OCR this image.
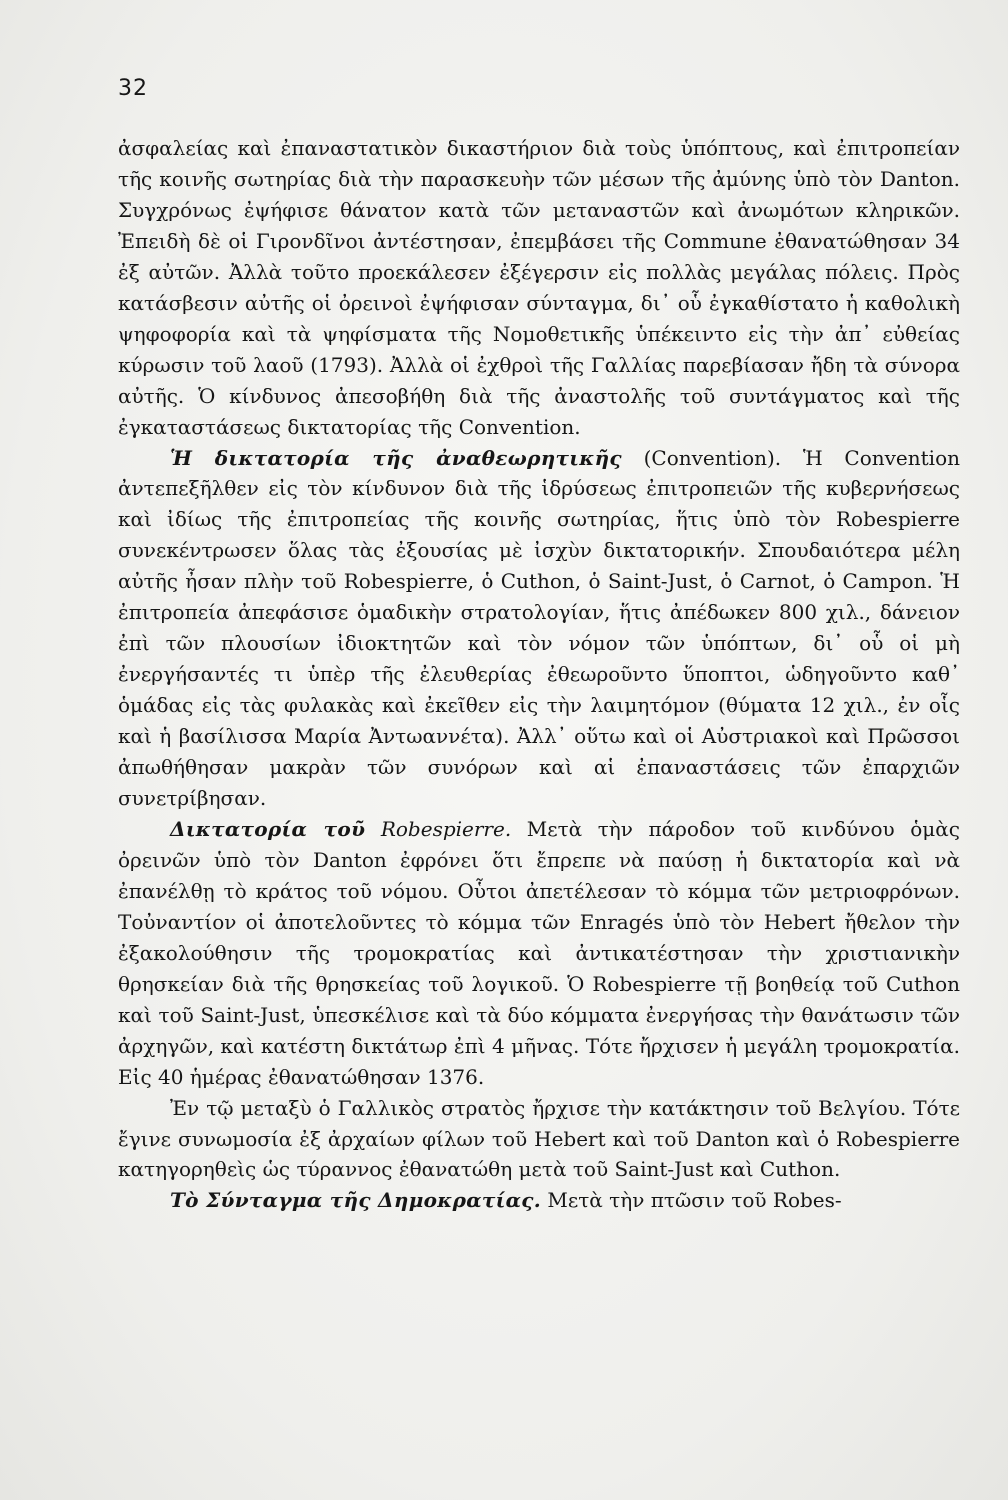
32

ἀσφαλείας καὶ ἐπαναστατικὸν δικαστήριον διὰ τοὺς ὑπόπτους, καὶ ἐπιτροπείαν τῆς κοινῆς σωτηρίας διὰ τὴν παρασκευὴν τῶν μέσων τῆς ἀμύνης ὑπὸ τὸν Danton. Συγχρόνως ἐψήφισε θάνατον κατὰ τῶν μεταναστῶν καὶ ἀνωμότων κληρικῶν. Ἐπειδὴ δὲ οἱ Γιρονδῖνοι ἀντέστησαν, ἐπεμβάσει τῆς Commune ἐθανατώθησαν 34 ἐξ αὐτῶν. Ἀλλὰ τοῦτο προεκάλεσεν ἐξέγερσιν εἰς πολλὰς μεγάλας πόλεις. Πρὸς κατάσβεσιν αὐτῆς οἱ ὀρεινοὶ ἐψήφισαν σύνταγμα, δι᾽ οὗ ἐγκαθίστατο ἡ καθολικὴ ψηφοφορία καὶ τὰ ψηφίσματα τῆς Νομοθετικῆς ὑπέκειντο εἰς τὴν ἀπ᾽ εὐθείας κύρωσιν τοῦ λαοῦ (1793). Ἀλλὰ οἱ ἐχθροὶ τῆς Γαλλίας παρεβίασαν ἤδη τὰ σύνορα αὐτῆς. Ὁ κίνδυνος ἀπεσοβήθη διὰ τῆς ἀναστολῆς τοῦ συντάγματος καὶ τῆς ἐγκαταστάσεως δικτατορίας τῆς Convention.

Ἡ δικτατορία τῆς ἀναθεωρητικῆς (Convention). Ἡ Convention ἀντεπεξῆλθεν εἰς τὸν κίνδυνον διὰ τῆς ἱδρύσεως ἐπιτροπειῶν τῆς κυβερνήσεως καὶ ἰδίως τῆς ἐπιτροπείας τῆς κοινῆς σωτηρίας, ἥτις ὑπὸ τὸν Robespierre συνεκέντρωσεν ὅλας τὰς ἐξουσίας μὲ ἰσχὺν δικτατορικήν. Σπουδαιότερα μέλη αὐτῆς ἦσαν πλὴν τοῦ Robespierre, ὁ Cuthon, ὁ Saint-Just, ὁ Carnot, ὁ Campon. Ἡ ἐπιτροπεία ἀπεφάσισε ὁμαδικὴν στρατολογίαν, ἥτις ἀπέδωκεν 800 χιλ., δάνειον ἐπὶ τῶν πλουσίων ἰδιοκτητῶν καὶ τὸν νόμον τῶν ὑπόπτων, δι᾽ οὗ οἱ μὴ ἐνεργήσαντές τι ὑπὲρ τῆς ἐλευθερίας ἐθεωροῦντο ὕποπτοι, ὡδηγοῦντο καθ᾽ ὁμάδας εἰς τὰς φυλακὰς καὶ ἐκεῖθεν εἰς τὴν λαιμητόμον (θύματα 12 χιλ., ἐν οἷς καὶ ἡ βασίλισσα Μαρία Ἀντωαννέτα). Ἀλλ᾽ οὕτω καὶ οἱ Αὐστριακοὶ καὶ Πρῶσσοι ἀπωθήθησαν μακρὰν τῶν συνόρων καὶ αἱ ἐπαναστάσεις τῶν ἐπαρχιῶν συνετρίβησαν.

Δικτατορία τοῦ Robespierre. Μετὰ τὴν πάροδον τοῦ κινδύνου ὁμὰς ὀρεινῶν ὑπὸ τὸν Danton ἐφρόνει ὅτι ἔπρεπε νὰ παύσῃ ἡ δικτατορία καὶ νὰ ἐπανέλθῃ τὸ κράτος τοῦ νόμου. Οὗτοι ἀπετέλεσαν τὸ κόμμα τῶν μετριοφρόνων. Τοὐναντίον οἱ ἀποτελοῦντες τὸ κόμμα τῶν Enragés ὑπὸ τὸν Hebert ἤθελον τὴν ἐξακολούθησιν τῆς τρομοκρατίας καὶ ἀντικατέστησαν τὴν χριστιανικὴν θρησκείαν διὰ τῆς θρησκείας τοῦ λογικοῦ. Ὁ Robespierre τῇ βοηθείᾳ τοῦ Cuthon καὶ τοῦ Saint-Just, ὑπεσκέλισε καὶ τὰ δύο κόμματα ἐνεργήσας τὴν θανάτωσιν τῶν ἀρχηγῶν, καὶ κατέστη δικτάτωρ ἐπὶ 4 μῆνας. Τότε ἤρχισεν ἡ μεγάλη τρομοκρατία. Εἰς 40 ἡμέρας ἐθανατώθησαν 1376.

Ἐν τῷ μεταξὺ ὁ Γαλλικὸς στρατὸς ἤρχισε τὴν κατάκτησιν τοῦ Βελγίου. Τότε ἔγινε συνωμοσία ἐξ ἀρχαίων φίλων τοῦ Hebert καὶ τοῦ Danton καὶ ὁ Robespierre κατηγορηθεὶς ὡς τύραννος ἐθανατώθη μετὰ τοῦ Saint-Just καὶ Cuthon.

Τὸ Σύνταγμα τῆς Δημοκρατίας. Μετὰ τὴν πτῶσιν τοῦ Robes-
